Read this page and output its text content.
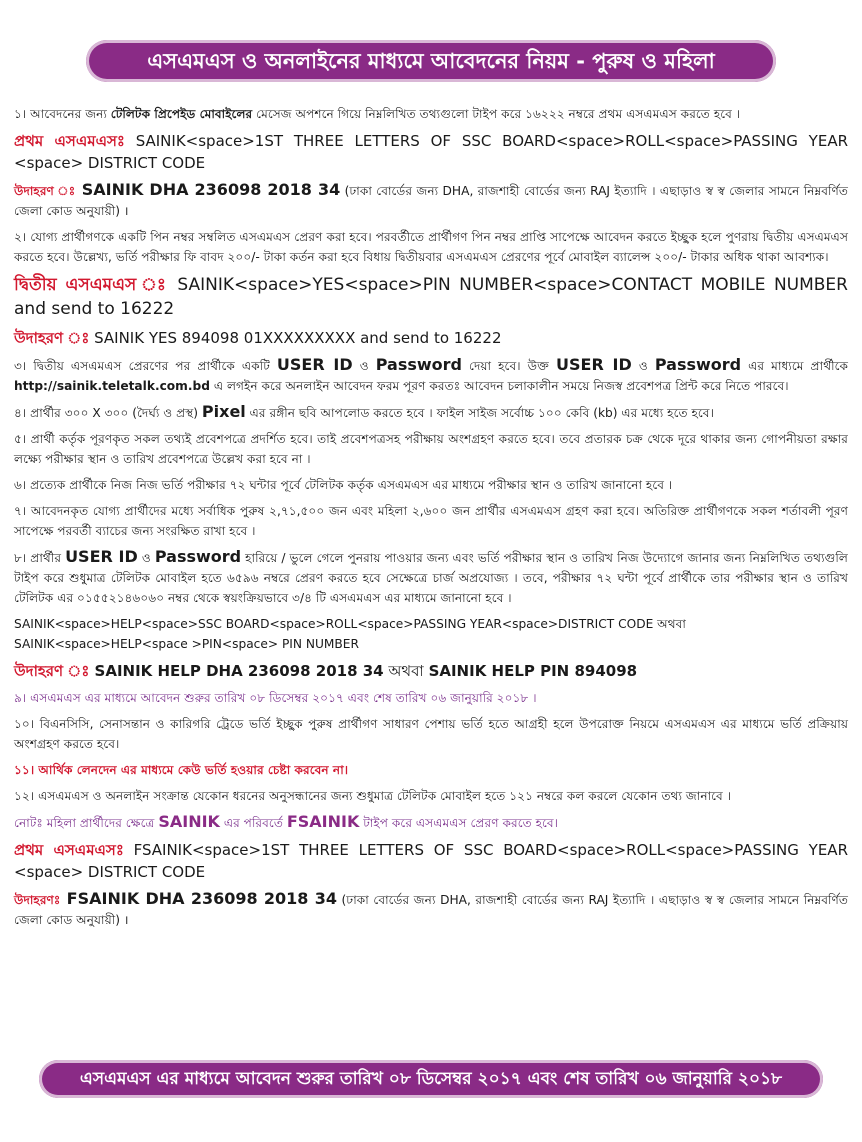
এসএমএস ও অনলাইনের মাধ্যমে আবেদনের নিয়ম - পুরুষ ও মহিলা

১। আবেদনের জন্য টেলিটক প্রিপেইড মোবাইলের মেসেজ অপশনে গিয়ে নিম্নলিখিত তথ্যগুলো টাইপ করে ১৬২২২ নম্বরে প্রথম এসএমএস করতে হবে ।

প্রথম এসএমএসঃ SAINIK<space>1ST THREE LETTERS OF SSC BOARD<space>ROLL<space>PASSING YEAR <space> DISTRICT CODE

উদাহরণ ঃ SAINIK DHA 236098 2018 34 (ঢাকা বোর্ডের জন্য DHA, রাজশাহী বোর্ডের জন্য RAJ ইত্যাদি । এছাড়াও স্ব স্ব জেলার সামনে নিম্নবর্ণিত জেলা কোড অনুযায়ী) ।

২। যোগ্য প্রার্থীগণকে একটি পিন নম্বর সম্বলিত এসএমএস প্রেরণ করা হবে। পরবর্তীতে প্রার্থীগণ পিন নম্বর প্রাপ্তি সাপেক্ষে আবেদন করতে ইচ্ছুক হলে পুণরায় দ্বিতীয় এসএমএস করতে হবে। উল্লেখ্য, ভর্তি পরীক্ষার ফি বাবদ ২০০/- টাকা কর্তন করা হবে বিধায় দ্বিতীয়বার এসএমএস প্রেরণের পূর্বে মোবাইল ব্যালেন্স ২০০/- টাকার অধিক থাকা আবশ্যক।

দ্বিতীয় এসএমএস ঃ SAINIK<space>YES<space>PIN NUMBER<space>CONTACT MOBILE NUMBER and send to 16222

উদাহরণ ঃ SAINIK YES 894098 01XXXXXXXXX and send to 16222

৩। দ্বিতীয় এসএমএস প্রেরণের পর প্রার্থীকে একটি USER ID ও Password দেয়া হবে। উক্ত USER ID ও Password এর মাধ্যমে প্রার্থীকে http://sainik.teletalk.com.bd এ লগইন করে অনলাইন আবেদন ফরম পূরণ করতঃ আবেদন চলাকালীন সময়ে নিজস্ব প্রবেশপত্র প্রিন্ট করে নিতে পারবে।

৪। প্রার্থীর ৩০০ X ৩০০ (দৈর্ঘ্য ও প্রস্থ) Pixel এর রঙ্গীন ছবি আপলোড করতে হবে । ফাইল সাইজ সর্বোচ্চ ১০০ কেবি (kb) এর মধ্যে হতে হবে।

৫। প্রার্থী কর্তৃক পূরণকৃত সকল তথ্যই প্রবেশপত্রে প্রদর্শিত হবে। তাই প্রবেশপত্রসহ পরীক্ষায় অংশগ্রহণ করতে হবে। তবে প্রতারক চক্র থেকে দূরে থাকার জন্য গোপনীয়তা রক্ষার লক্ষ্যে পরীক্ষার স্থান ও তারিখ প্রবেশপত্রে উল্লেখ করা হবে না ।

৬। প্রত্যেক প্রার্থীকে নিজ নিজ ভর্তি পরীক্ষার ৭২ ঘন্টার পূর্বে টেলিটক কর্তৃক এসএমএস এর মাধ্যমে পরীক্ষার স্থান ও তারিখ জানানো হবে ।

৭। আবেদনকৃত যোগ্য প্রার্থীদের মধ্যে সর্বাধিক পুরুষ ২,৭১,৫০০ জন এবং মহিলা ২,৬০০ জন প্রার্থীর এসএমএস গ্রহণ করা হবে। অতিরিক্ত প্রার্থীগণকে সকল শর্তাবলী পূরণ সাপেক্ষে পরবর্তী ব্যাচের জন্য সংরক্ষিত রাখা হবে ।

৮। প্রার্থীর USER ID ও Password হারিয়ে / ভুলে গেলে পুনরায় পাওয়ার জন্য এবং ভর্তি পরীক্ষার স্থান ও তারিখ নিজ উদ্যোগে জানার জন্য নিম্নলিখিত তথ্যগুলি টাইপ করে শুধুমাত্র টেলিটক মোবাইল হতে ৬৫৯৬ নম্বরে প্রেরণ করতে হবে সেক্ষেত্রে চার্জ অপ্রযোজ্য । তবে, পরীক্ষার ৭২ ঘন্টা পূর্বে প্রার্থীকে তার পরীক্ষার স্থান ও তারিখ টেলিটক এর ০১৫৫২১৪৬০৬০ নম্বর থেকে স্বয়ংক্রিয়ভাবে ৩/৪ টি এসএমএস এর মাধ্যমে জানানো হবে ।

SAINIK<space>HELP<space>SSC BOARD<space>ROLL<space>PASSING YEAR<space>DISTRICT CODE অথবা
SAINIK<space>HELP<space >PIN<space> PIN NUMBER

উদাহরণ ঃ SAINIK HELP DHA 236098 2018 34 অথবা SAINIK HELP PIN 894098

৯। এসএমএস এর মাধ্যমে আবেদন শুরুর তারিখ ০৮ ডিসেম্বর ২০১৭ এবং শেষ তারিখ ০৬ জানুয়ারি ২০১৮ ।

১০। বিএনসিসি, সেনাসন্তান ও কারিগরি ট্রেডে ভর্তি ইচ্ছুক পুরুষ প্রার্থীগণ সাধারণ পেশায় ভর্তি হতে আগ্রহী হলে উপরোক্ত নিয়মে এসএমএস এর মাধ্যমে ভর্তি প্রক্রিয়ায় অংশগ্রহণ করতে হবে।

১১। আর্থিক লেনদেন এর মাধ্যমে কেউ ভর্তি হওয়ার চেষ্টা করবেন না।

১২। এসএমএস ও অনলাইন সংক্রান্ত যেকোন ধরনের অনুসন্ধানের জন্য শুধুমাত্র টেলিটক মোবাইল হতে ১২১ নম্বরে কল করলে যেকোন তথ্য জানাবে ।

নোটঃ মহিলা প্রার্থীদের ক্ষেত্রে SAINIK এর পরিবর্তে FSAINIK টাইপ করে এসএমএস প্রেরণ করতে হবে।

প্রথম এসএমএসঃ FSAINIK<space>1ST THREE LETTERS OF SSC BOARD<space>ROLL<space>PASSING YEAR <space> DISTRICT CODE

উদাহরণঃ FSAINIK DHA 236098 2018 34 (ঢাকা বোর্ডের জন্য DHA, রাজশাহী বোর্ডের জন্য RAJ ইত্যাদি । এছাড়াও স্ব স্ব জেলার সামনে নিম্নবর্ণিত জেলা কোড অনুযায়ী) ।

এসএমএস এর মাধ্যমে আবেদন শুরুর তারিখ ০৮ ডিসেম্বর ২০১৭ এবং শেষ তারিখ ০৬ জানুয়ারি ২০১৮
